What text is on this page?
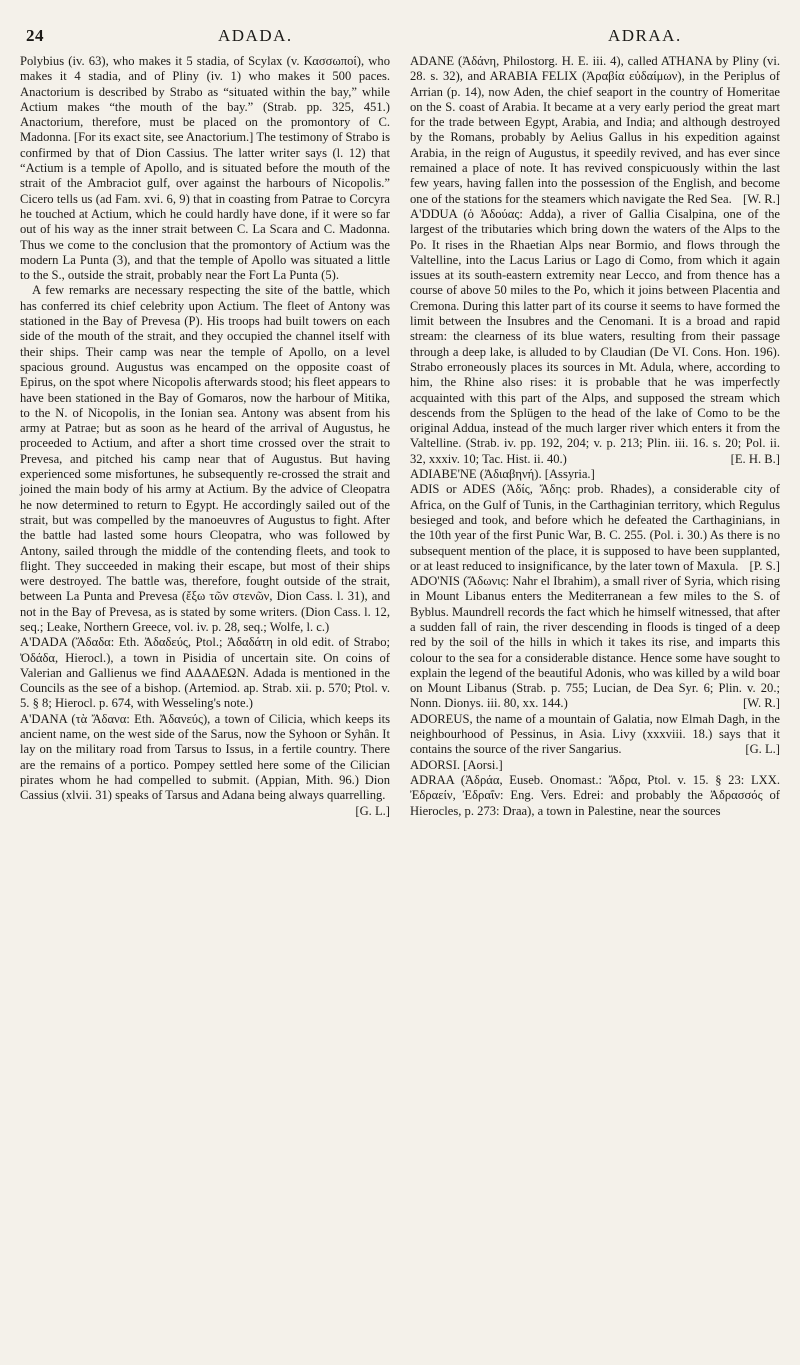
24	ADADA.	ADRAA.

Polybius (iv. 63), who makes it 5 stadia, of Scylax (v. Κασσωποί), who makes it 4 stadia, and of Pliny (iv. 1) who makes it 500 paces. Anactorium is described by Strabo as “situated within the bay,” while Actium makes “the mouth of the bay.” (Strab. pp. 325, 451.) Anactorium, therefore, must be placed on the promontory of C. Madonna. [For its exact site, see Anactorium.] The testimony of Strabo is confirmed by that of Dion Cassius. The latter writer says (l. 12) that “Actium is a temple of Apollo, and is situated before the mouth of the strait of the Ambraciot gulf, over against the harbours of Nicopolis.” Cicero tells us (ad Fam. xvi. 6, 9) that in coasting from Patrae to Corcyra he touched at Actium, which he could hardly have done, if it were so far out of his way as the inner strait between C. La Scara and C. Madonna. Thus we come to the conclusion that the promontory of Actium was the modern La Punta (3), and that the temple of Apollo was situated a little to the S., outside the strait, probably near the Fort La Punta (5).

A few remarks are necessary respecting the site of the battle, which has conferred its chief celebrity upon Actium. The fleet of Antony was stationed in the Bay of Prevesa (P). His troops had built towers on each side of the mouth of the strait, and they occupied the channel itself with their ships. Their camp was near the temple of Apollo, on a level spacious ground. Augustus was encamped on the opposite coast of Epirus, on the spot where Nicopolis afterwards stood; his fleet appears to have been stationed in the Bay of Gomaros, now the harbour of Mitika, to the N. of Nicopolis, in the Ionian sea. Antony was absent from his army at Patrae; but as soon as he heard of the arrival of Augustus, he proceeded to Actium, and after a short time crossed over the strait to Prevesa, and pitched his camp near that of Augustus. But having experienced some misfortunes, he subsequently re-crossed the strait and joined the main body of his army at Actium. By the advice of Cleopatra he now determined to return to Egypt. He accordingly sailed out of the strait, but was compelled by the manoeuvres of Augustus to fight. After the battle had lasted some hours Cleopatra, who was followed by Antony, sailed through the middle of the contending fleets, and took to flight. They succeeded in making their escape, but most of their ships were destroyed. The battle was, therefore, fought outside of the strait, between La Punta and Prevesa (ἔξω τῶν στενῶν, Dion Cass. l. 31), and not in the Bay of Prevesa, as is stated by some writers. (Dion Cass. l. 12, seq.; Leake, Northern Greece, vol. iv. p. 28, seq.; Wolfe, l. c.)

A'DADA (Ἄδαδα: Eth. Ἀδαδεύς, Ptol.; Ἀδαδάτη in old edit. of Strabo; Ὀδάδα, Hierocl.), a town in Pisidia of uncertain site. On coins of Valerian and Gallienus we find ΑΔΑΔΕΩΝ. Adada is mentioned in the Councils as the see of a bishop. (Artemiod. ap. Strab. xii. p. 570; Ptol. v. 5. § 8; Hierocl. p. 674, with Wesseling's note.)

A'DANA (τὰ Ἄδανα: Eth. Ἀδανεύς), a town of Cilicia, which keeps its ancient name, on the west side of the Sarus, now the Syhoon or Syhân. It lay on the military road from Tarsus to Issus, in a fertile country. There are the remains of a portico. Pompey settled here some of the Cilician pirates whom he had compelled to submit. (Appian, Mith. 96.) Dion Cassius (xlvii. 31) speaks of Tarsus and Adana being always quarrelling.
[G. L.]

ADANE (Ἀδάνη, Philostorg. H. E. iii. 4), called ATHANA by Pliny (vi. 28. s. 32), and ARABIA FELIX (Ἀραβία εὐδαίμων), in the Periplus of Arrian (p. 14), now Aden, the chief seaport in the country of Homeritae on the S. coast of Arabia. It became at a very early period the great mart for the trade between Egypt, Arabia, and India; and although destroyed by the Romans, probably by Aelius Gallus in his expedition against Arabia, in the reign of Augustus, it speedily revived, and has ever since remained a place of note. It has revived conspicuously within the last few years, having fallen into the possession of the English, and become one of the stations for the steamers which navigate the Red Sea. [W. R.]

A'DDUA (ὁ Ἀδούας: Adda), a river of Gallia Cisalpina, one of the largest of the tributaries which bring down the waters of the Alps to the Po. It rises in the Rhaetian Alps near Bormio, and flows through the Valtelline, into the Lacus Larius or Lago di Como, from which it again issues at its south-eastern extremity near Lecco, and from thence has a course of above 50 miles to the Po, which it joins between Placentia and Cremona. During this latter part of its course it seems to have formed the limit between the Insubres and the Cenomani. It is a broad and rapid stream: the clearness of its blue waters, resulting from their passage through a deep lake, is alluded to by Claudian (De VI. Cons. Hon. 196). Strabo erroneously places its sources in Mt. Adula, where, according to him, the Rhine also rises: it is probable that he was imperfectly acquainted with this part of the Alps, and supposed the stream which descends from the Splügen to the head of the lake of Como to be the original Addua, instead of the much larger river which enters it from the Valtelline. (Strab. iv. pp. 192, 204; v. p. 213; Plin. iii. 16. s. 20; Pol. ii. 32, xxxiv. 10; Tac. Hist. ii. 40.)	[E. H. B.]

ADIABE'NE (Ἀδιαβηνή). [Assyria.]

ADIS or ADES (Ἀδίς, Ἄδης: prob. Rhades), a considerable city of Africa, on the Gulf of Tunis, in the Carthaginian territory, which Regulus besieged and took, and before which he defeated the Carthaginians, in the 10th year of the first Punic War, B. C. 255. (Pol. i. 30.) As there is no subsequent mention of the place, it is supposed to have been supplanted, or at least reduced to insignificance, by the later town of Maxula. [P. S.]

ADO'NIS (Ἄδωνις: Nahr el Ibrahim), a small river of Syria, which rising in Mount Libanus enters the Mediterranean a few miles to the S. of Byblus. Maundrell records the fact which he himself witnessed, that after a sudden fall of rain, the river descending in floods is tinged of a deep red by the soil of the hills in which it takes its rise, and imparts this colour to the sea for a considerable distance. Hence some have sought to explain the legend of the beautiful Adonis, who was killed by a wild boar on Mount Libanus (Strab. p. 755; Lucian, de Dea Syr. 6; Plin. v. 20.; Nonn. Dionys. iii. 80, xx. 144.)	[W. R.]

ADOREUS, the name of a mountain of Galatia, now Elmah Dagh, in the neighbourhood of Pessinus, in Asia. Livy (xxxviii. 18.) says that it contains the source of the river Sangarius.	[G. L.]

ADORSI. [Aorsi.]

ADRAA (Ἀδράα, Euseb. Onomast.: Ἄδρα, Ptol. v. 15. § 23: LXX. Ἐδραείν, Ἐδραΐν: Eng. Vers. Edrei: and probably the Ἀδρασσός of Hierocles, p. 273: Draa), a town in Palestine, near the sources
